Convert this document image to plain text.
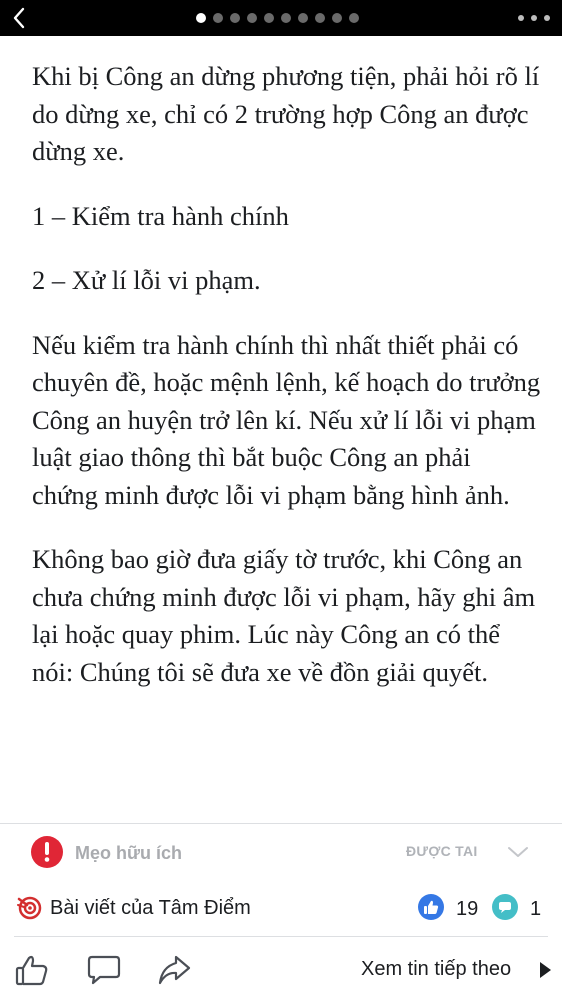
Khi bị Công an dừng phương tiện, phải hỏi rõ lí do dừng xe, chỉ có 2 trường hợp Công an được dừng xe.

1 – Kiểm tra hành chính

2 – Xử lí lỗi vi phạm.

Nếu kiểm tra hành chính thì nhất thiết phải có chuyên đề, hoặc mệnh lệnh, kế hoạch do trưởng Công an huyện trở lên kí. Nếu xử lí lỗi vi phạm luật giao thông thì bắt buộc Công an phải chứng minh được lỗi vi phạm bằng hình ảnh.

Không bao giờ đưa giấy tờ trước, khi Công an chưa chứng minh được lỗi vi phạm, hãy ghi âm lại hoặc quay phim. Lúc này Công an có thể nói: Chúng tôi sẽ đưa xe về đồn giải quyết.

Mẹo hữu ích	ĐƯỢC TAI
Bài viết của Tâm Điểm	19	1
Xem tin tiếp theo
